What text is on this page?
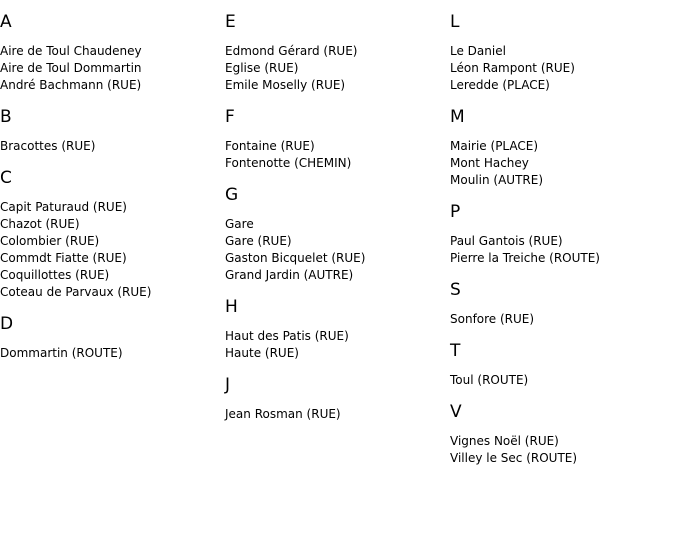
A
Aire de Toul Chaudeney
Aire de Toul Dommartin
André Bachmann (RUE)
B
Bracottes (RUE)
C
Capit Paturaud (RUE)
Chazot (RUE)
Colombier (RUE)
Commdt Fiatte (RUE)
Coquillottes (RUE)
Coteau de Parvaux (RUE)
D
Dommartin (ROUTE)
E
Edmond Gérard (RUE)
Eglise (RUE)
Emile Moselly (RUE)
F
Fontaine (RUE)
Fontenotte (CHEMIN)
G
Gare
Gare (RUE)
Gaston Bicquelet (RUE)
Grand Jardin (AUTRE)
H
Haut des Patis (RUE)
Haute (RUE)
J
Jean Rosman (RUE)
L
Le Daniel
Léon Rampont (RUE)
Leredde (PLACE)
M
Mairie (PLACE)
Mont Hachey
Moulin (AUTRE)
P
Paul Gantois (RUE)
Pierre la Treiche (ROUTE)
S
Sonfore (RUE)
T
Toul (ROUTE)
V
Vignes Noël (RUE)
Villey le Sec (ROUTE)
